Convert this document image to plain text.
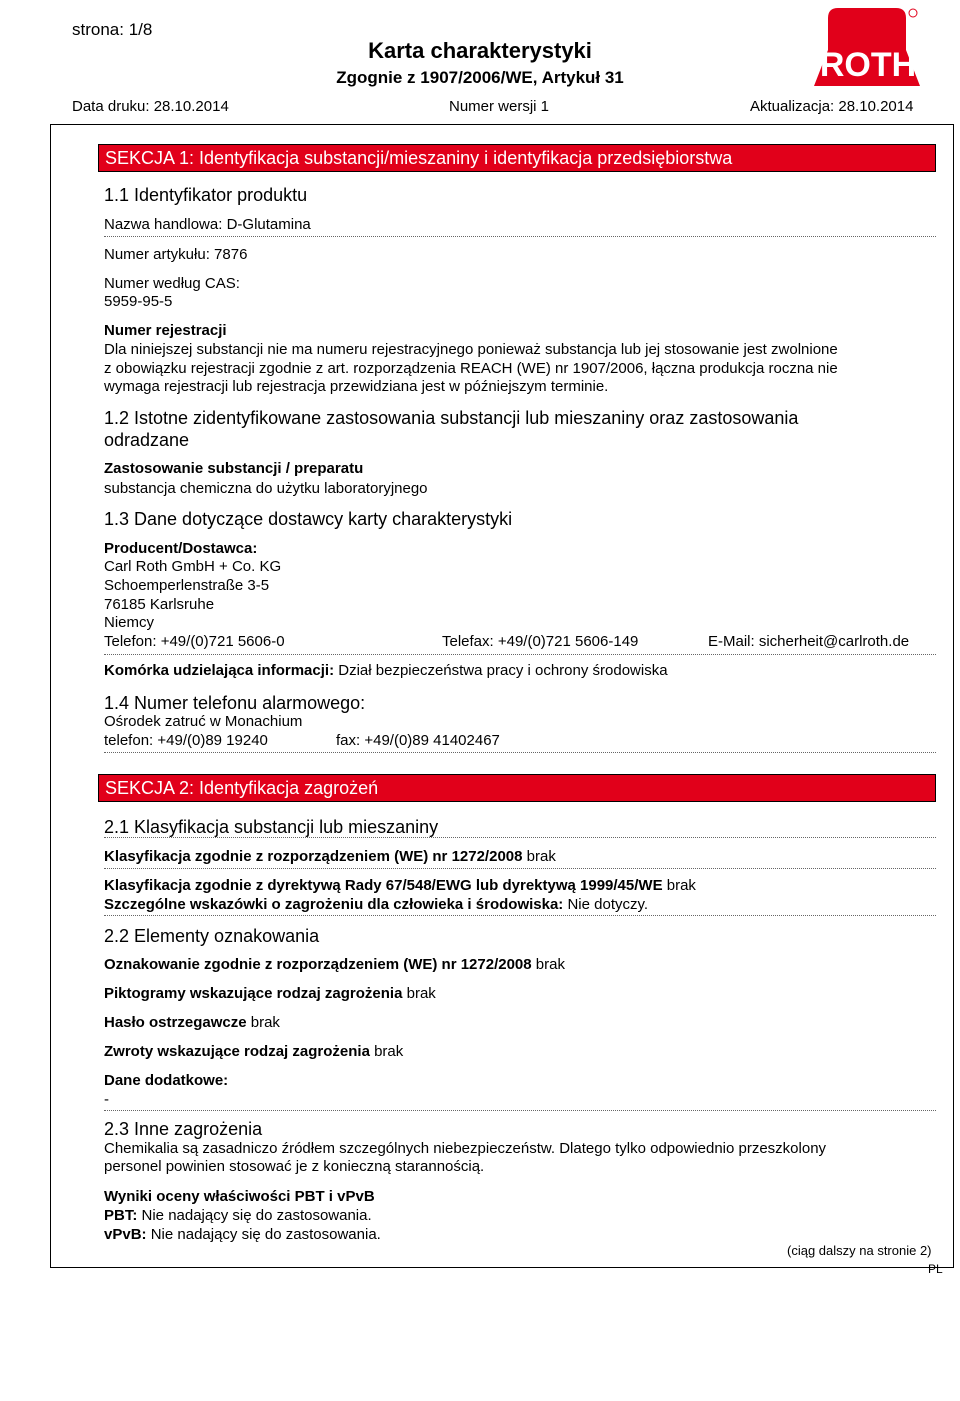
strona: 1/8
Karta charakterystyki
Zgognie z 1907/2006/WE, Artykuł 31
Data druku: 28.10.2014	Numer wersji 1	Aktualizacja: 28.10.2014
CARL
ROTH
SEKCJA 1: Identyfikacja substancji/mieszaniny i identyfikacja przedsiębiorstwa
1.1 Identyfikator produktu
Nazwa handlowa: D-Glutamina
Numer artykułu: 7876
Numer według CAS:
5959-95-5
Numer rejestracji
Dla niniejszej substancji nie ma numeru rejestracyjnego ponieważ substancja lub jej stosowanie jest zwolnione
z obowiązku rejestracji zgodnie z art. rozporządzenia REACH (WE) nr 1907/2006, łączna produkcja roczna nie
wymaga rejestracji lub rejestracja przewidziana jest w późniejszym terminie.
1.2 Istotne zidentyfikowane zastosowania substancji lub mieszaniny oraz zastosowania
odradzane
Zastosowanie substancji / preparatu
substancja chemiczna do użytku laboratoryjnego
1.3 Dane dotyczące dostawcy karty charakterystyki
Producent/Dostawca:
Carl Roth GmbH + Co. KG
Schoemperlenstraße 3-5
76185 Karlsruhe
Niemcy
Telefon: +49/(0)721 5606-0	Telefax: +49/(0)721 5606-149	E-Mail: sicherheit@carlroth.de
Komórka udzielająca informacji: Dział bezpieczeństwa pracy i ochrony środowiska
1.4 Numer telefonu alarmowego:
Ośrodek zatruć w Monachium
telefon: +49/(0)89 19240	fax: +49/(0)89 41402467
SEKCJA 2: Identyfikacja zagrożeń
2.1 Klasyfikacja substancji lub mieszaniny
Klasyfikacja zgodnie z rozporządzeniem (WE) nr 1272/2008 brak
Klasyfikacja zgodnie z dyrektywą Rady 67/548/EWG lub dyrektywą 1999/45/WE brak
Szczególne wskazówki o zagrożeniu dla człowieka i środowiska: Nie dotyczy.
2.2 Elementy oznakowania
Oznakowanie zgodnie z rozporządzeniem (WE) nr 1272/2008 brak
Piktogramy wskazujące rodzaj zagrożenia brak
Hasło ostrzegawcze brak
Zwroty wskazujące rodzaj zagrożenia brak
Dane dodatkowe:
-
2.3 Inne zagrożenia
Chemikalia są zasadniczo źródłem szczególnych niebezpieczeństw. Dlatego tylko odpowiednio przeszkolony
personel powinien stosować je z konieczną starannością.
Wyniki oceny właściwości PBT i vPvB
PBT: Nie nadający się do zastosowania.
vPvB: Nie nadający się do zastosowania.
(ciąg dalszy na stronie 2)
PL
